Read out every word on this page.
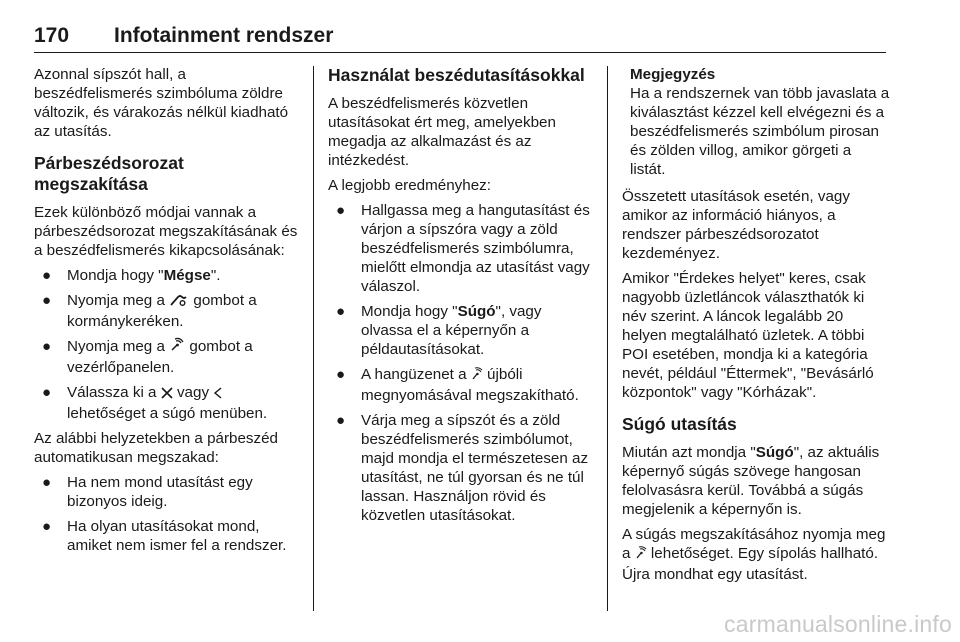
170 Infotainment rendszer

Azonnal sípszót hall, a beszédfelismerés szimbóluma zöldre változik, és várakozás nélkül kiadható az utasítás.

Párbeszédsorozat megszakítása

Ezek különböző módjai vannak a párbeszédsorozat megszakításának és a beszédfelismerés kikapcsolásának:

● Mondja hogy "Mégse".
● Nyomja meg a gombot a kormánykeréken.
● Nyomja meg a gombot a vezérlőpanelen.
● Válassza ki a vagy  lehetőséget a súgó menüben.

Az alábbi helyzetekben a párbeszéd automatikusan megszakad:

● Ha nem mond utasítást egy bizonyos ideig.
● Ha olyan utasításokat mond, amiket nem ismer fel a rendszer.
Használat beszédutasításokkal

A beszédfelismerés közvetlen utasításokat ért meg, amelyekben megadja az alkalmazást és az intézkedést.

A legjobb eredményhez:

● Hallgassa meg a hangutasítást és várjon a sípszóra vagy a zöld beszédfelismerés szimbólumra, mielőtt elmondja az utasítást vagy válaszol.
● Mondja hogy "Súgó", vagy olvassa el a képernyőn a példautasításokat.
● A hangüzenet a újbóli megnyomásával megszakítható.
● Várja meg a sípszót és a zöld beszédfelismerés szimbólumot, majd mondja el természetesen az utasítást, ne túl gyorsan és ne túl lassan. Használjon rövid és közvetlen utasításokat.
Megjegyzés
Ha a rendszernek van több javaslata a kiválasztást kézzel kell elvégezni és a beszédfelismerés szimbólum pirosan és zölden villog, amikor görgeti a listát.

Összetett utasítások esetén, vagy amikor az információ hiányos, a rendszer párbeszédsorozatot kezdeményez.

Amikor "Érdekes helyet" keres, csak nagyobb üzletláncok választhatók ki név szerint. A láncok legalább 20 helyen megtalálható üzletek. A többi POI esetében, mondja ki a kategória nevét, például "Éttermek", "Bevásárló központok" vagy "Kórházak".

Súgó utasítás

Miután azt mondja "Súgó", az aktuális képernyő súgás szövege hangosan felolvasásra kerül. Továbbá a súgás megjelenik a képernyőn is.

A súgás megszakításához nyomja meg a lehetőséget. Egy sípolás hallható. Újra mondhat egy utasítást.

carmanualsonline.info
